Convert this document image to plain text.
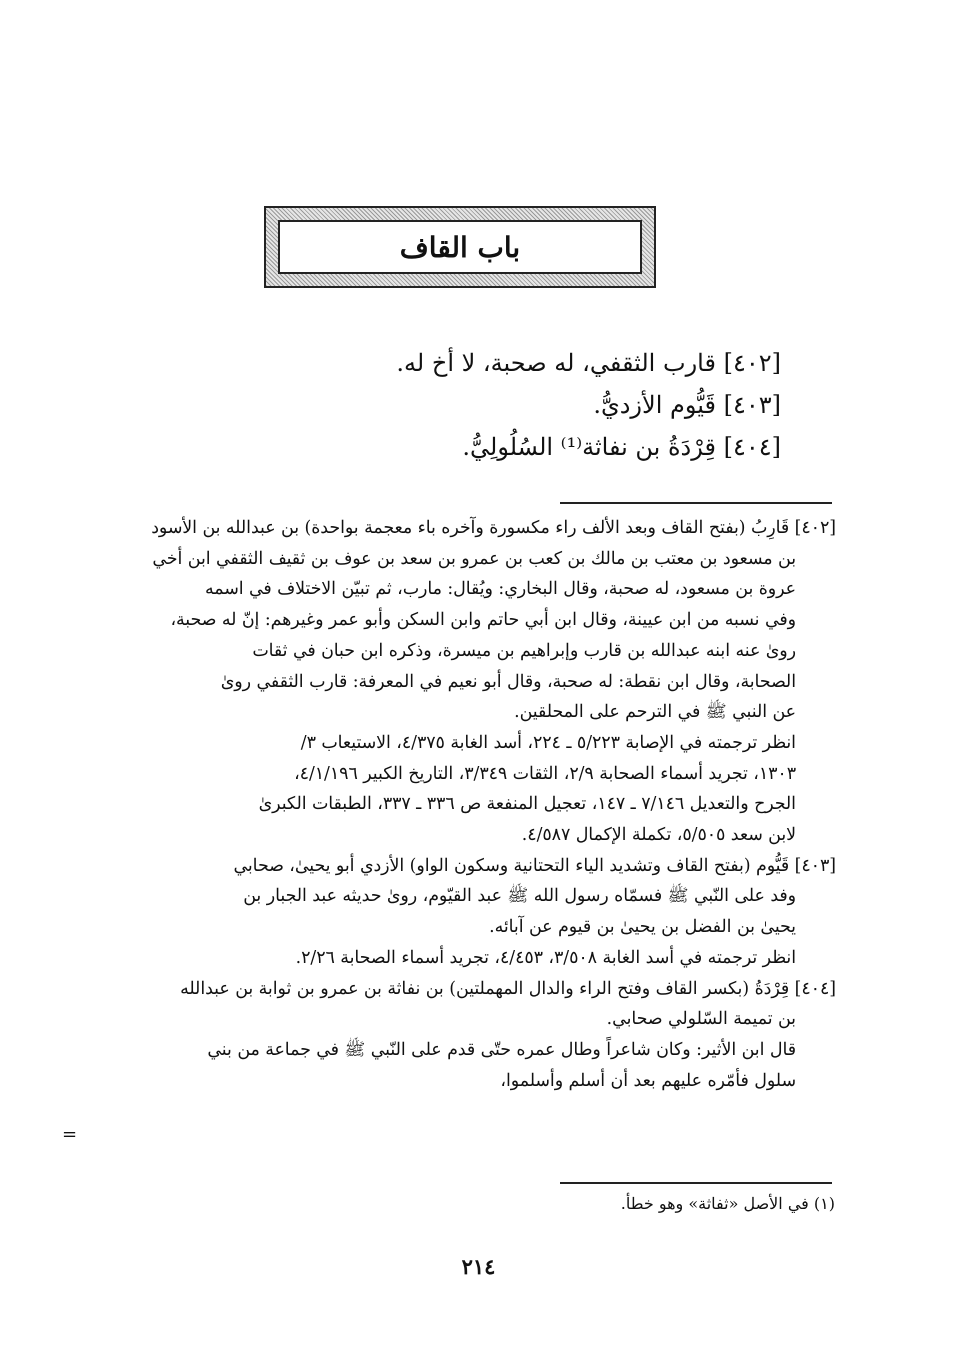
باب القاف
[٤٠٢] قارب الثقفي، له صحبة، لا أخ له.
[٤٠٣] قَيُّوم الأزديُّ.
[٤٠٤] قِرْدَةُ بن نفاثة⁽¹⁾ السُلُولِيُّ.

[٤٠٢] قَارِبُ (بفتح القاف وبعد الألف راء مكسورة وآخره باء معجمة بواحدة) بن عبدالله بن الأسود

بن مسعود بن معتب بن مالك بن كعب بن عمرو بن سعد بن عوف بن ثقيف الثقفي ابن أخي

عروة بن مسعود، له صحبة، وقال البخاري: ويُقال: مارب، ثم تبيّن الاختلاف في اسمه

وفي نسبه من ابن عيينة، وقال ابن أبي حاتم وابن السكن وأبو عمر وغيرهم: إنّ له صحبة،

روىٰ عنه ابنه عبدالله بن قارب وإبراهيم بن ميسرة، وذكره ابن حبان في ثقات

الصحابة، وقال ابن نقطة: له صحبة، وقال أبو نعيم في المعرفة: قارب الثقفي روىٰ

عن النبي ﷺ في الترحم على المحلقين.

انظر ترجمته في الإصابة ٥/٢٢٣ ـ ٢٢٤، أسد الغابة ٤/٣٧٥، الاستيعاب ٣/

١٣٠٣، تجريد أسماء الصحابة ٢/٩، الثقات ٣/٣٤٩، التاريخ الكبير ٤/١/١٩٦،

الجرح والتعديل ٧/١٤٦ ـ ١٤٧، تعجيل المنفعة ص ٣٣٦ ـ ٣٣٧، الطبقات الكبرىٰ

لابن سعد ٥/٥٠٥، تكملة الإكمال ٤/٥٨٧.

[٤٠٣] قَيُّوم (بفتح القاف وتشديد الياء التحتانية وسكون الواو) الأزدي أبو يحيىٰ، صحابي

وفد على النّبي ﷺ فسمّاه رسول الله ﷺ عبد القيّوم، روىٰ حديثه عبد الجبار بن

يحيىٰ بن الفضل بن يحيىٰ بن قيوم عن آبائه.

انظر ترجمته في أسد الغابة ٣/٥٠٨، ٤/٤٥٣، تجريد أسماء الصحابة ٢/٢٦.

[٤٠٤] قِرْدَةُ (بكسر القاف وفتح الراء والدال المهملتين) بن نفاثة بن عمرو بن ثوابة بن عبدالله

بن تميمة السّلولي صحابي.

قال ابن الأثير: وكان شاعراً وطال عمره حتّى قدم على النّبي ﷺ في جماعة من بني

سلول فأمّره عليهم بعد أن أسلم وأسلموا،

=
(١) في الأصل «ثفاثة» وهو خطأ.
٢١٤
